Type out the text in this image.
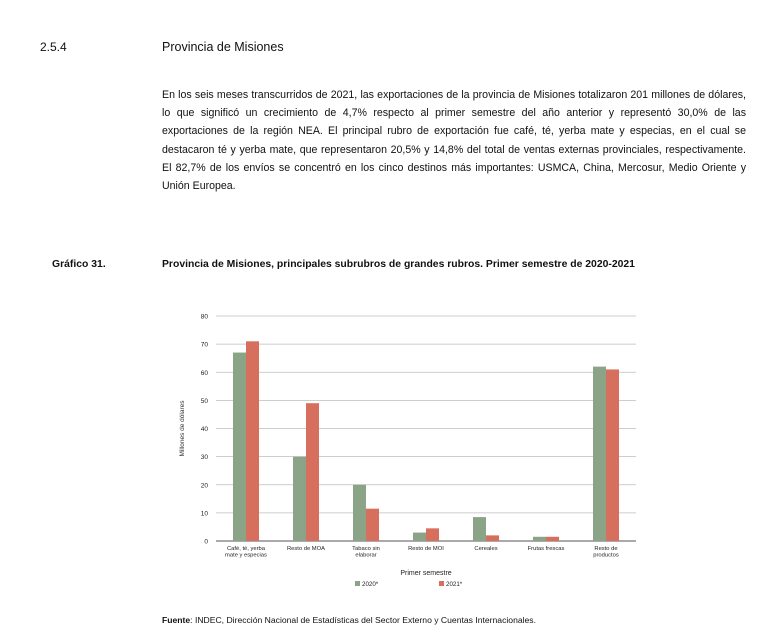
2.5.4	Provincia de Misiones

En los seis meses transcurridos de 2021, las exportaciones de la provincia de Misiones totalizaron 201 millones de dólares, lo que significó un crecimiento de 4,7% respecto al primer semestre del año anterior y representó 30,0% de las exportaciones de la región NEA. El principal rubro de exportación fue café, té, yerba mate y especias, en el cual se destacaron té y yerba mate, que representaron 20,5% y 14,8% del total de ventas externas provinciales, respectivamente. El 82,7% de los envíos se concentró en los cinco destinos más importantes: USMCA, China, Mercosur, Medio Oriente y Unión Europea.

Gráfico 31.	Provincia de Misiones, principales subrubros de grandes rubros. Primer semestre de 2020-2021
0
10
20
30
40
50
60
70
80
Millones de dólares
Café, té, yerba
mate y especias
Resto de MOA	Tabaco sin
elaborar
Resto de MOI	Cereales	Frutas frescas	Resto de
productos
Primer semestre
2020*	2021*
Fuente: INDEC, Dirección Nacional de Estadísticas del Sector Externo y Cuentas Internacionales.
